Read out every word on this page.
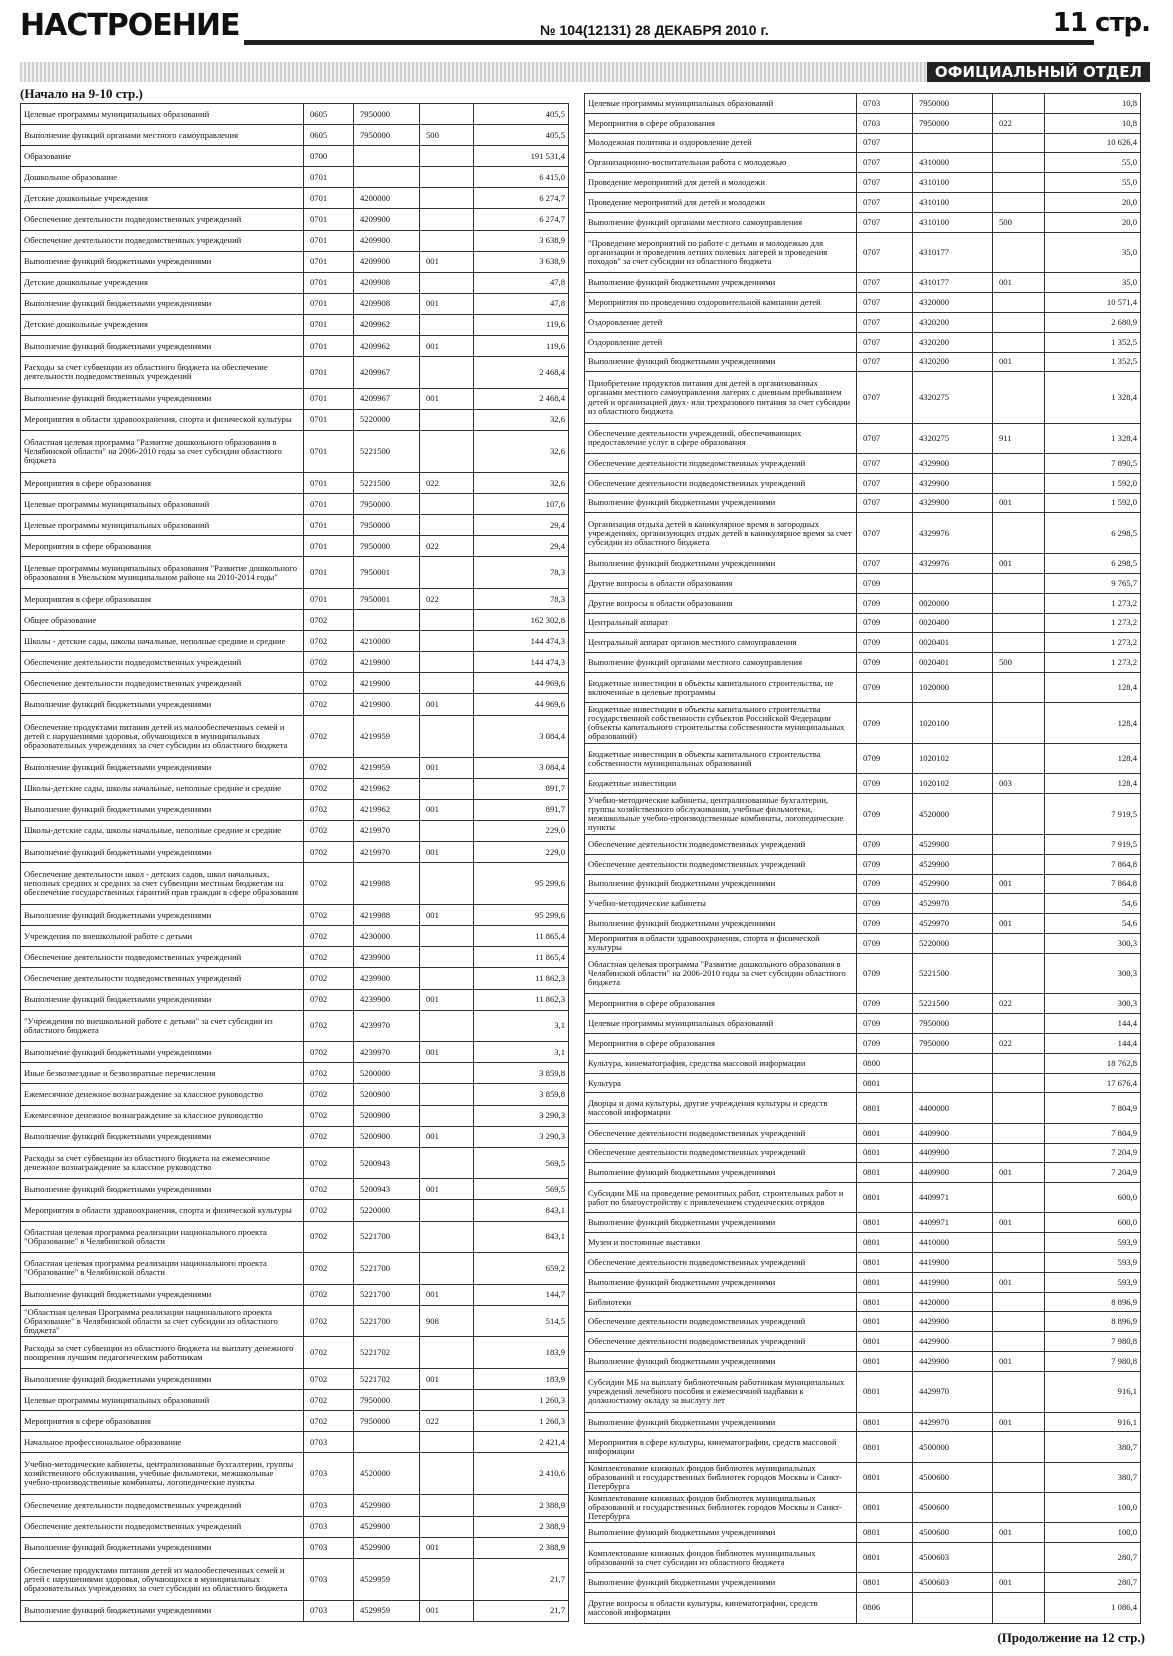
НАСТРОЕНИЕ	№ 104(12131) 28 ДЕКАБРЯ 2010 г.	11 стр.
ОФИЦИАЛЬНЫЙ ОТДЕЛ
(Начало на 9-10 стр.)
Целевые программы муниципальных образований	0605	7950000		405,5
Выполнение функций органами местного самоуправления	0605	7950000	500	405,5
Образование	0700			191 531,4
Дошкольное образование	0701			6 415,0
Детские дошкольные учреждения	0701	4200000		6 274,7
Обеспечение деятельности подведомственных учреждений	0701	4209900		6 274,7
Обеспечение деятельности подведомственных учреждений	0701	4209900		3 638,9
Выполнение функций бюджетными учреждениями	0701	4209900	001	3 638,9
Детские дошкольные учреждения	0701	4209908		47,8
Выполнение функций бюджетными учреждениями	0701	4209908	001	47,8
Детские дошкольные учреждения	0701	4209962		119,6
Выполнение функций бюджетными учреждениями	0701	4209962	001	119,6
Расходы за счет субвенции из областного бюджета на обеспечение деятельности подведомственных учреждений	0701	4209967		2 468,4
Выполнение функций бюджетными учреждениями	0701	4209967	001	2 468,4
Мероприятия в области здравоохранения, спорта и физической культуры	0701	5220000		32,6
Областная целевая программа "Развитие дошкольного образования в Челябинской области" на 2006-2010 годы за счет субсидии областного бюджета	0701	5221500		32,6
Мероприятия в сфере образования	0701	5221500	022	32,6
Целевые программы муниципальных образований	0701	7950000		107,6
Целевые программы муниципальных образований	0701	7950000		29,4
Мероприятия в сфере образования	0701	7950000	022	29,4
Целевые программы муниципальных образования "Развитие дошкольного образования в Увельском муниципальном районе на 2010-2014 годы"	0701	7950001		78,3
Мероприятия в сфере образования	0701	7950001	022	78,3
Общее образование	0702			162 302,8
Школы - детские сады, школы начальные, неполные средние и средние	0702	4210000		144 474,3
Обеспечение деятельности подведомственных учреждений	0702	4219900		144 474,3
Обеспечение деятельности подведомственных учреждений	0702	4219900		44 969,6
Выполнение функций бюджетными учреждениями	0702	4219900	001	44 969,6
Обеспечение продуктами питания детей из малообеспеченных семей и детей с нарушениями здоровья, обучающихся в муниципальных образовательных учреждениях за счет субсидии из областного бюджета	0702	4219959		3 084,4
Выполнение функций бюджетными учреждениями	0702	4219959	001	3 084,4
Школы-детские сады, школы начальные, неполные средние и средние	0702	4219962		891,7
Выполнение функций бюджетными учреждениями	0702	4219962	001	891,7
Школы-детские сады, школы начальные, неполные средние и средние	0702	4219970		229,0
Выполнение функций бюджетными учреждениями	0702	4219970	001	229,0
Обеспечение деятельности школ - детских садов, школ начальных, неполных средних и средних за счет субвенции местным бюджетам на обеспечение государственных гарантий прав граждан в сфере образования	0702	4219988		95 299,6
Выполнение функций бюджетными учреждениями	0702	4219988	001	95 299,6
Учреждения по внешкольной работе с детьми	0702	4230000		11 865,4
Обеспечение деятельности подведомственных учреждений	0702	4239900		11 865,4
Обеспечение деятельности подведомственных учреждений	0702	4239900		11 862,3
Выполнение функций бюджетными учреждениями	0702	4239900	001	11 862,3
"Учреждения по внешкольной работе с детьми" за счет субсидии из областного бюджета	0702	4239970		3,1
Выполнение функций бюджетными учреждениями	0702	4239970	001	3,1
Иные безвозмездные и безвозвратные перечисления	0702	5200000		3 859,8
Ежемесячное денежное вознаграждение за классное руководство	0702	5200900		3 859,8
Ежемесячное денежное вознаграждение за классное руководство	0702	5200900		3 290,3
Выполнение функций бюджетными учреждениями	0702	5200900	001	3 290,3
Расходы за счет субвенции из областного бюджета на ежемесячное денежное вознаграждение за классное руководство	0702	5200943		569,5
Выполнение функций бюджетными учреждениями	0702	5200943	001	569,5
Мероприятия в области здравоохранения, спорта и физической культуры	0702	5220000		843,1
Областная целевая программа реализации национального проекта "Образование" в Челябинской области	0702	5221700		843,1
Областная целевая программа реализации национального проекта "Образование" в Челябинской области	0702	5221700		659,2
Выполнение функций бюджетными учреждениями	0702	5221700	001	144,7
"Областная целевая Программа реализации национального проекта Образование" в Челябинской области за счет субсидии из областного бюджета"	0702	5221700	908	514,5
Расходы за счет субвенции из областного бюджета на выплату денежного поощрения лучшим педагогическим работникам	0702	5221702		183,9
Выполнение функций бюджетными учреждениями	0702	5221702	001	183,9
Целевые программы муниципальных образований	0702	7950000		1 260,3
Мероприятия в сфере образования	0702	7950000	022	1 260,3
Начальное профессиональное образование	0703			2 421,4
Учебно-методические кабинеты, централизованные бухгалтерии, группы хозяйственного обслуживания, учебные фильмотеки, межшкольные учебно-производственные комбинаты, логопедические пункты	0703	4520000		2 410,6
Обеспечение деятельности подведомственных учреждений	0703	4529900		2 388,9
Обеспечение деятельности подведомственных учреждений	0703	4529900		2 388,9
Выполнение функций бюджетными учреждениями	0703	4529900	001	2 388,9
Обеспечение продуктами питания детей из малообеспеченных семей и детей с нарушениями здоровья, обучающихся в муниципальных образовательных учреждениях за счет субсидии из областного бюджета	0703	4529959		21,7
Выполнение функций бюджетными учреждениями	0703	4529959	001	21,7
Целевые программы муниципальных образований	0703	7950000		10,8
Мероприятия в сфере образования	0703	7950000	022	10,8
Молодежная политика и оздоровление детей	0707			10 626,4
Организационно-воспитательная работа с молодежью	0707	4310000		55,0
Проведение мероприятий для детей и молодежи	0707	4310100		55,0
Проведение мероприятий для детей и молодежи	0707	4310100		20,0
Выполнение функций органами местного самоуправления	0707	4310100	500	20,0
"Проведение мероприятий по работе с детьми и молодежью для организации и проведения летних полевых лагерей и проведения походов" за счет субсидии из областного бюджета	0707	4310177		35,0
Выполнение функций бюджетными учреждениями	0707	4310177	001	35,0
Мероприятия по проведению оздоровительной кампании детей	0707	4320000		10 571,4
Оздоровление детей	0707	4320200		2 680,9
Оздоровление детей	0707	4320200		1 352,5
Выполнение функций бюджетными учреждениями	0707	4320200	001	1 352,5
Приобретение продуктов питания для детей в организованных органами местного самоуправления лагерях с дневным пребыванием детей и организацией двух- или трехразового питания за счет субсидии из областного бюджета	0707	4320275		1 328,4
Обеспечение деятельности учреждений, обеспечивающих предоставление услуг в сфере образования	0707	4320275	911	1 328,4
Обеспечение деятельности подведомственных учреждений	0707	4329900		7 890,5
Обеспечение деятельности подведомственных учреждений	0707	4329900		1 592,0
Выполнение функций бюджетными учреждениями	0707	4329900	001	1 592,0
Организация отдыха детей в каникулярное время в загородных учреждениях, организующих отдых детей в каникулярное время за счет субсидии из областного бюджета	0707	4329976		6 298,5
Выполнение функций бюджетными учреждениями	0707	4329976	001	6 298,5
Другие вопросы в области образования	0709			9 765,7
Другие вопросы в области образования	0709	0020000		1 273,2
Центральный аппарат	0709	0020400		1 273,2
Центральный аппарат органов местного самоуправления	0709	0020401		1 273,2
Выполнение функций органами местного самоуправления	0709	0020401	500	1 273,2
Бюджетные инвестиции в объекты капитального строительства, не включенные в целевые программы	0709	1020000		128,4
Бюджетные инвестиции в объекты капитального строительства государственной собственности субъектов Российской Федерации (объекты капитального строительства собственности муниципальных образований)	0709	1020100		128,4
Бюджетные инвестиции в объекты капитального строительства собственности муниципальных образований	0709	1020102		128,4
Бюджетные инвестиции	0709	1020102	003	128,4
Учебно-методические кабинеты, централизованные бухгалтерии, группы хозяйственного обслуживания, учебные фильмотеки, межшкольные учебно-производственные комбинаты, логопедические пункты	0709	4520000		7 919,5
Обеспечение деятельности подведомственных учреждений	0709	4529900		7 919,5
Обеспечение деятельности подведомственных учреждений	0709	4529900		7 864,8
Выполнение функций бюджетными учреждениями	0709	4529900	001	7 864,8
Учебно-методические кабинеты	0709	4529970		54,6
Выполнение функций бюджетными учреждениями	0709	4529970	001	54,6
Мероприятия в области здравоохранения, спорта и физической культуры	0709	5220000		300,3
Областная целевая программа "Развитие дошкольного образования в Челябинской области" на 2006-2010 годы за счет субсидии областного бюджета	0709	5221500		300,3
Мероприятия в сфере образования	0709	5221500	022	300,3
Целевые программы муниципальных образований	0709	7950000		144,4
Мероприятия в сфере образования	0709	7950000	022	144,4
Культура, кинематография, средства массовой информации	0800			18 762,8
Культура	0801			17 676,4
Дворцы и дома культуры, другие учреждения культуры и средств массовой информации	0801	4400000		7 804,9
Обеспечение деятельности подведомственных учреждений	0801	4409900		7 804,9
Обеспечение деятельности подведомственных учреждений	0801	4409900		7 204,9
Выполнение функций бюджетными учреждениями	0801	4409900	001	7 204,9
Субсидии МБ на проведение ремонтных работ, строительных работ и работ по благоустройству с привлечением студенческих отрядов	0801	4409971		600,0
Выполнение функций бюджетными учреждениями	0801	4409971	001	600,0
Музеи и постоянные выставки	0801	4410000		593,9
Обеспечение деятельности подведомственных учреждений	0801	4419900		593,9
Выполнение функций бюджетными учреждениями	0801	4419900	001	593,9
Библиотеки	0801	4420000		8 896,9
Обеспечение деятельности подведомственных учреждений	0801	4429900		8 896,9
Обеспечение деятельности подведомственных учреждений	0801	4429900		7 980,8
Выполнение функций бюджетными учреждениями	0801	4429900	001	7 980,8
Субсидии МБ на выплату библиотечным работникам муниципальных учреждений лечебного пособия и ежемесячной надбавки к должностному окладу за выслугу лет	0801	4429970		916,1
Выполнение функций бюджетными учреждениями	0801	4429970	001	916,1
Мероприятия в сфере культуры, кинематографии, средств массовой информации	0801	4500000		380,7
Комплектование книжных фондов библиотек муниципальных образований и государственных библиотек городов Москвы и Санкт-Петербурга	0801	4500600		380,7
Комплектование книжных фондов библиотек муниципальных образований и государственных библиотек городов Москвы и Санкт-Петербурга	0801	4500600		100,0
Выполнение функций бюджетными учреждениями	0801	4500600	001	100,0
Комплектование книжных фондов библиотек муниципальных образований за счет субсидии из областного бюджета	0801	4500603		280,7
Выполнение функций бюджетными учреждениями	0801	4500603	001	280,7
Другие вопросы в области культуры, кинематографии, средств массовой информации	0806			1 086,4
(Продолжение на 12 стр.)
